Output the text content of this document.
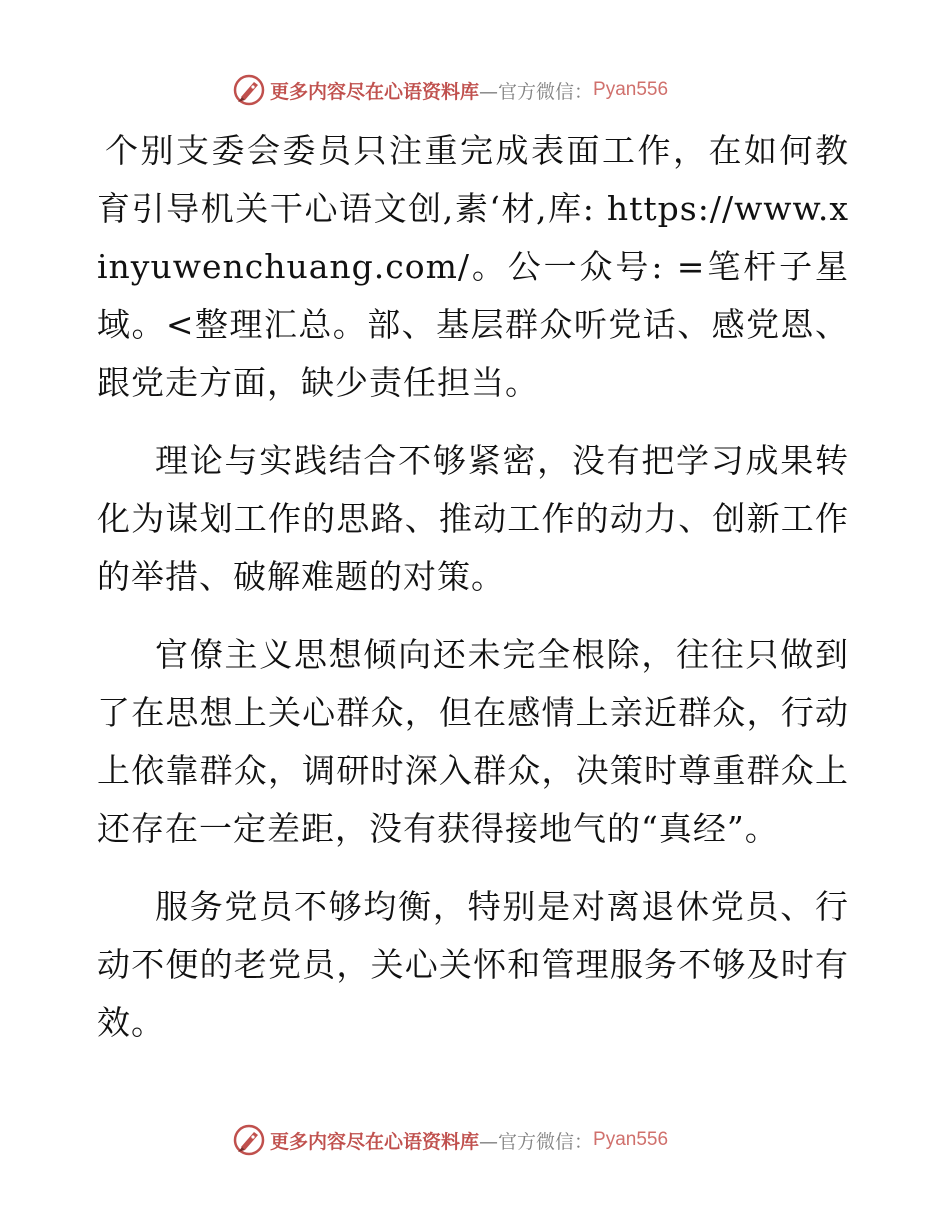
更多内容尽在心语资料库 —官方微信： Pyan556

个别支委会委员只注重完成表面工作，在如何教育引导机关干心语文创,素‘材,库: https://www.xinyuwenchuang.com/。公一众号: =笔杆子星域。<整理汇总。部、基层群众听党话、感党恩、跟党走方面，缺少责任担当。

理论与实践结合不够紧密，没有把学习成果转化为谋划工作的思路、推动工作的动力、创新工作的举措、破解难题的对策。

官僚主义思想倾向还未完全根除，往往只做到了在思想上关心群众，但在感情上亲近群众，行动上依靠群众，调研时深入群众，决策时尊重群众上还存在一定差距，没有获得接地气的“真经”。

服务党员不够均衡，特别是对离退休党员、行动不便的老党员，关心关怀和管理服务不够及时有效。

更多内容尽在心语资料库 —官方微信： Pyan556
